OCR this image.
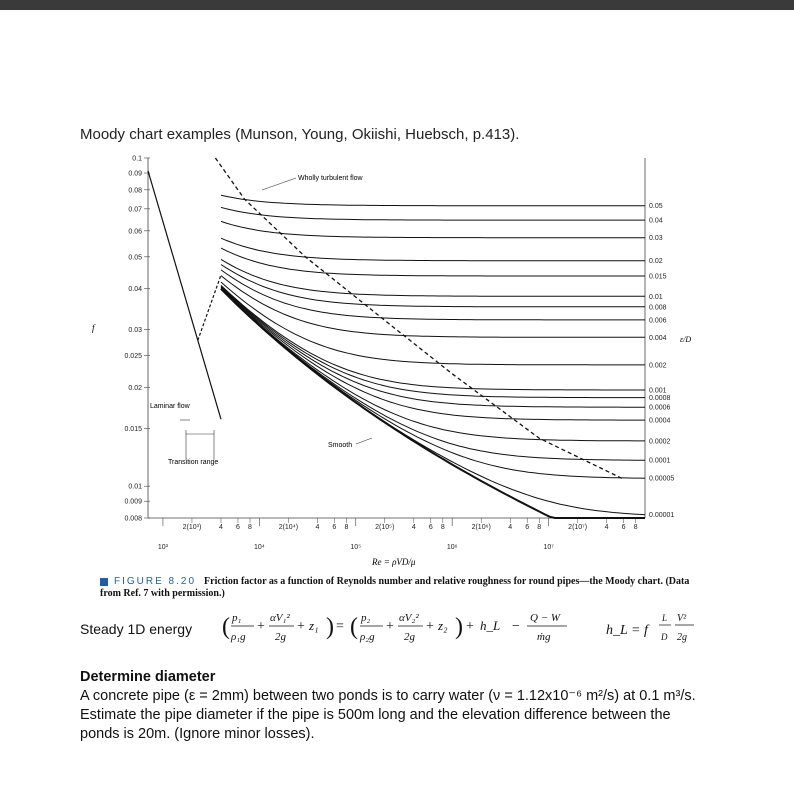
Moody chart examples (Munson, Young, Okiishi, Huebsch, p.413).
f
ε/D
Re = ρVD/μ
Laminar flow
Transition range
Wholly turbulent flow
Smooth
0.1
0.09
0.08
0.07
0.06
0.05
0.04
0.03
0.025
0.02
0.015
0.01
0.009
0.008
10³	10⁴	10⁵	10⁶	10⁷
2(10³)	4 6 8	2(10⁴) 4 6 8	2(10⁵) 4 6 8	2(10⁶) 4 6 8	2(10⁷)	4 6 8
0.05
0.04
0.03
0.02
0.015
0.01
0.008
0.006
0.004
0.002
0.001
0.0008
0.0006
0.0004
0.0002
0.0001
0.00005
0.00001
FIGURE 8.20 Friction factor as a function of Reynolds number and relative roughness for round pipes—the Moody chart. (Data from Ref. 7 with permission.)
Steady 1D energy ( p₁
ρ₁g
+
αV₁²
2g
+ z₁ ) = ( p₂
ρ₂g
+
αV₂²
2g
+ z₂ ) + h_L −
Q − W
ṁg	h_L = f
L
D
V²
2g
Determine diameter
A concrete pipe (ε = 2mm) between two ponds is to carry water (ν = 1.12x10⁻⁶ m²/s) at 0.1 m³/s.
Estimate the pipe diameter if the pipe is 500m long and the elevation difference between the
ponds is 20m. (Ignore minor losses).
